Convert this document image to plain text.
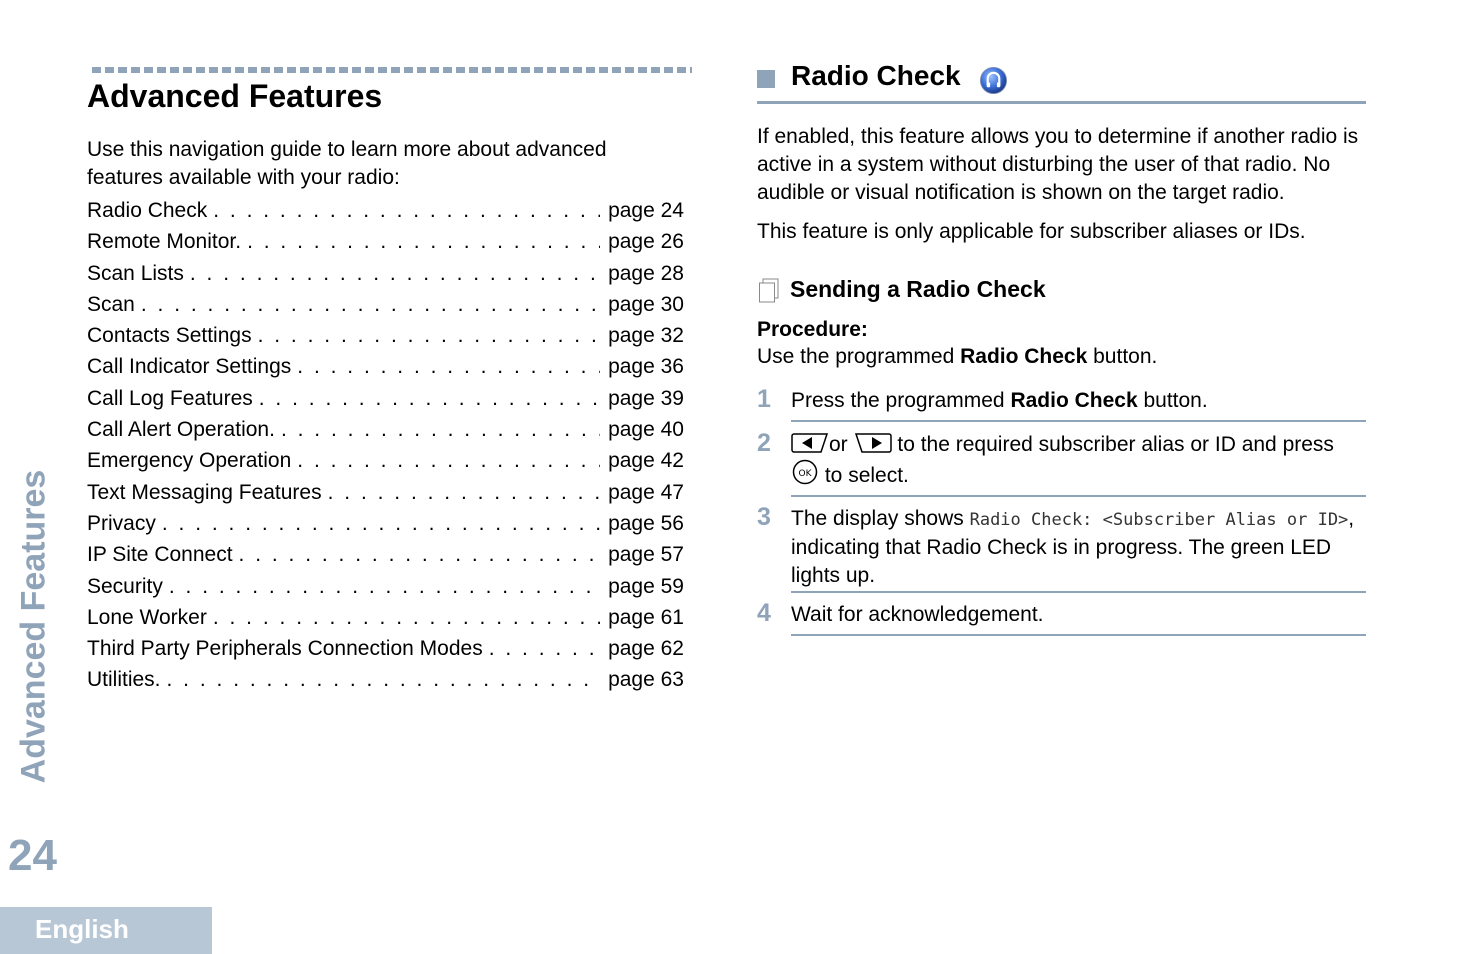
Advanced Features

Use this navigation guide to learn more about advanced features available with your radio:

Radio Check . . .	page 24
Remote Monitor. . . .	page 26
Scan Lists . . .	page 28
Scan . . .	page 30
Contacts Settings . . .	page 32
Call Indicator Settings . . .	page 36
Call Log Features . . .	page 39
Call Alert Operation. . . .	page 40
Emergency Operation . . .	page 42
Text Messaging Features . . .	page 47
Privacy . . .	page 56
IP Site Connect . . .	page 57
Security . . .	page 59
Lone Worker . . .	page 61
Third Party Peripherals Connection Modes . . .	page 62
Utilities. . . .	page 63
Advanced Features
24
English
Radio Check

If enabled, this feature allows you to determine if another radio is active in a system without disturbing the user of that radio. No audible or visual notification is shown on the target radio.

This feature is only applicable for subscriber aliases or IDs.

Sending a Radio Check
Procedure:
Use the programmed Radio Check button.
1 Press the programmed Radio Check button.
2	or to the required subscriber alias or ID and press

OK to select.
3 The display shows Radio Check: <Subscriber Alias or ID>, indicating that Radio Check is in progress. The green LED lights up.
4 Wait for acknowledgement.
